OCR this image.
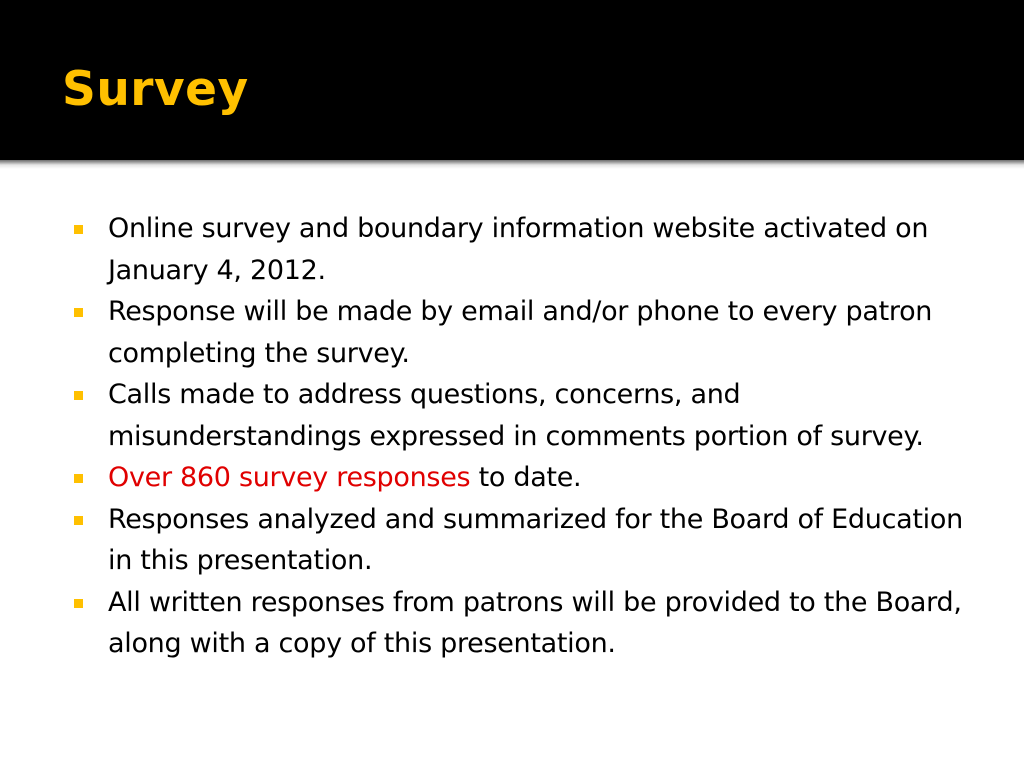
Survey
Online survey and boundary information website activated on January 4, 2012.
Response will be made by email and/or phone to every patron completing the survey.
Calls made to address questions, concerns, and misunderstandings expressed in comments portion of survey.
Over 860 survey responses to date.
Responses analyzed and summarized for the Board of Education in this presentation.
All written responses from patrons will be provided to the Board, along with a copy of this presentation.
